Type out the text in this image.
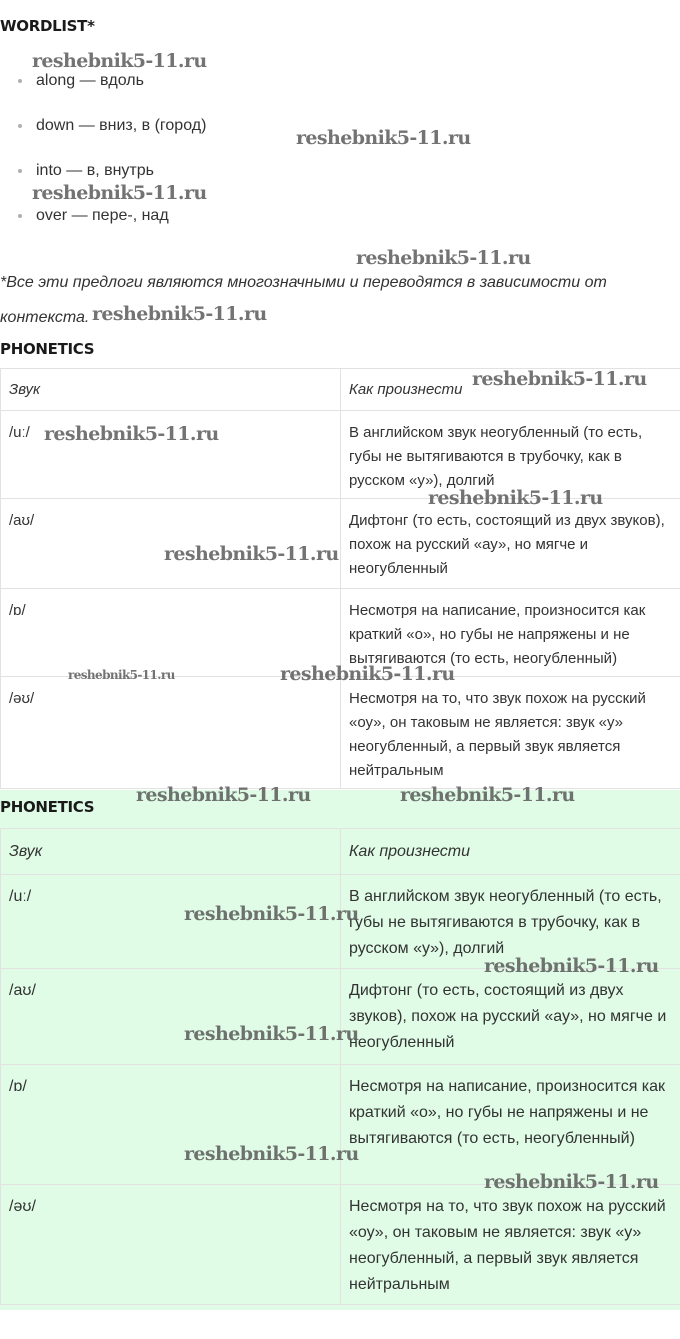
WORDLIST*
along — вдоль
down — вниз, в (город)
into — в, внутрь
over — пере-, над

*Все эти предлоги являются многозначными и переводятся в зависимости от
контекста.

PHONETICS
Звук	Как произнести
/uː/	В английском звук неогубленный (то есть, губы не вытягиваются в трубочку, как в русском «у»), долгий
/aʊ/	Дифтонг (то есть, состоящий из двух звуков), похож на русский «ау», но мягче и неогубленный
/ɒ/	Несмотря на написание, произносится как краткий «о», но губы не напряжены и не вытягиваются (то есть, неогубленный)
/əʊ/	Несмотря на то, что звук похож на русский «оу», он таковым не является: звук «у» неогубленный, а первый звук является нейтральным
PHONETICS
Звук	Как произнести
/uː/	В английском звук неогубленный (то есть, губы не вытягиваются в трубочку, как в русском «у»), долгий
/aʊ/	Дифтонг (то есть, состоящий из двух звуков), похож на русский «ау», но мягче и неогубленный
/ɒ/	Несмотря на написание, произносится как краткий «о», но губы не напряжены и не вытягиваются (то есть, неогубленный)
/əʊ/	Несмотря на то, что звук похож на русский «оу», он таковым не является: звук «у» неогубленный, а первый звук является нейтральным
reshebnik5-11.ru
reshebnik5-11.ru
reshebnik5-11.ru
reshebnik5-11.ru
reshebnik5-11.ru
reshebnik5-11.ru
reshebnik5-11.ru
reshebnik5-11.ru
reshebnik5-11.ru
reshebnik5-11.ru	reshebnik5-11.ru
reshebnik5-11.ru	reshebnik5-11.ru
reshebnik5-11.ru
reshebnik5-11.ru
reshebnik5-11.ru
reshebnik5-11.ru
reshebnik5-11.ru
